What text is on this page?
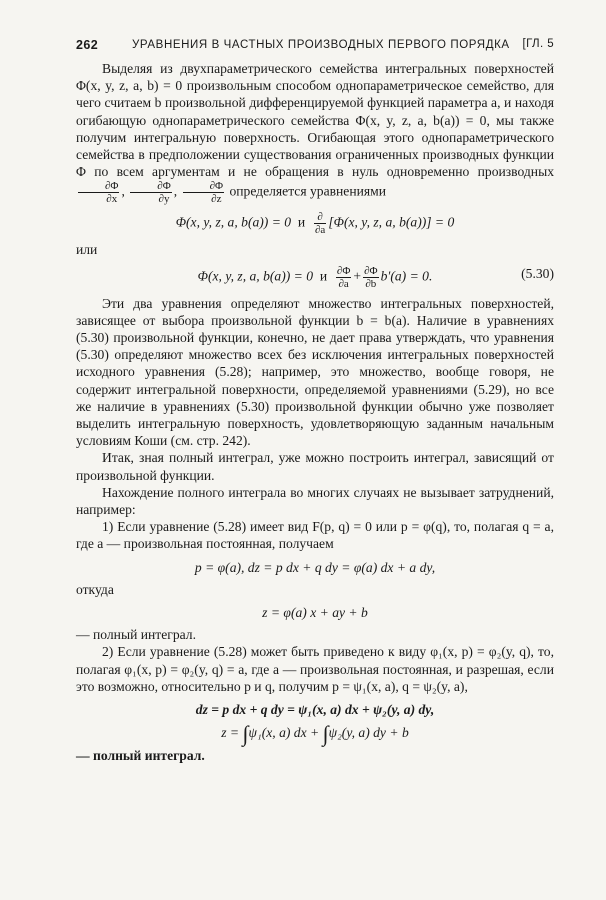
262	УРАВНЕНИЯ В ЧАСТНЫХ ПРОИЗВОДНЫХ ПЕРВОГО ПОРЯДКА [ГЛ. 5

Выделяя из двухпараметрического семейства интегральных поверхностей Φ(x, y, z, a, b) = 0 произвольным способом однопараметрическое семейство, для чего считаем b произвольной дифференцируемой функцией параметра a, и находя огибающую однопараметрического семейства Φ(x, y, z, a, b(a)) = 0, мы также получим интегральную поверхность. Огибающая этого однопараметрического семейства в предположении существования ограниченных производных функции Φ по всем аргументам и не обращения в нуль одновременно производных
$\frac{\partial\Phi}{\partial x}$ , $\frac{\partial\Phi}{\partial y}$ , $\frac{\partial\Phi}{\partial z}$ определяется уравнениями

Φ(x, y, z, a, b(a)) = 0 и $\frac{\partial}{\partial a} [\Phi(x$, y, z, a, b(a))] = 0

или

Φ(x, y, z, a, b(a)) = 0 и $\frac{\partial\Phi}{\partial a} + \frac{\partial\Phi}{\partial b} b'(a) = 0$.	(5.30)

Эти два уравнения определяют множество интегральных поверхностей, зависящее от выбора произвольной функции b = b(a). Наличие в уравнениях (5.30) произвольной функции, конечно, не дает права утверждать, что уравнения (5.30) определяют множество всех без исключения интегральных поверхностей исходного уравнения (5.28); например, это множество, вообще говоря, не содержит интегральной поверхности, определяемой уравнениями (5.29), но все же наличие в уравнениях (5.30) произвольной функции обычно уже позволяет выделить интегральную поверхность, удовлетворяющую заданным начальным условиям Коши (см. стр. 242).

Итак, зная полный интеграл, уже можно построить интеграл, зависящий от произвольной функции.

Нахождение полного интеграла во многих случаях не вызывает затруднений, например:

1) Если уравнение (5.28) имеет вид F(p, q) = 0 или p = φ(q), то, полагая q = a, где a — произвольная постоянная, получаем

p = φ(a), dz = p dx + q dy = φ(a) dx + a dy,

откуда

z = φ(a) x + ay + b

— полный интеграл.

2) Если уравнение (5.28) может быть приведено к виду φ₁(x, p) = φ₂(y, q), то, полагая φ₁(x, p) = φ₂(y, q) = a, где a — произвольная постоянная, и разрешая, если это возможно, относительно p и q, получим p = ψ₁(x, a), q = ψ₂(y, a),

dz = p dx + q dy = ψ₁(x, a) dx + ψ₂(y, a) dy,
z = ∫ψ₁(x, a) dx + ∫ψ₂(y, a) dy + b

— полный интеграл.
